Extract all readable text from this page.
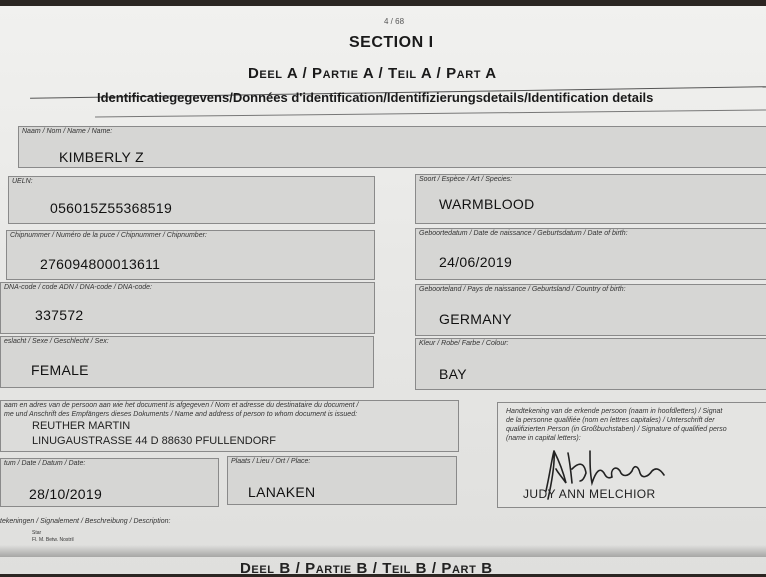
4 / 68
SECTION I
Deel A / Partie A / Teil A / Part A
Identificatiegegevens/Données d'identification/Identifizierungsdetails/Identification details
Naam / Nom / Name / Name:
KIMBERLY Z
UELN:
056015Z55368519
Soort / Espèce / Art / Species:
WARMBLOOD
Chipnummer / Numéro de la puce / Chipnummer / Chipnumber:
276094800013611
Geboortedatum / Date de naissance / Geburtsdatum / Date of birth:
24/06/2019
DNA-code / code ADN / DNA-code / DNA-code:
337572
Geboorteland / Pays de naissance / Geburtsland / Country of birth:
GERMANY
eslacht / Sexe / Geschlecht / Sex:
FEMALE
Kleur / Robe/ Farbe / Colour:
BAY
aam en adres van de persoon aan wie het document is afgegeven / Nom et adresse du destinataire du document /
me und Anschrift des Empfängers dieses Dokuments / Name and address of person to whom document is issued:
REUTHER MARTIN
LINUGAUSTRASSE 44 D 88630 PFULLENDORF
Handtekening van de erkende persoon (naam in hoofdletters) / Signat
de la personne qualifiée (nom en lettres capitales) / Unterschrift der
qualifizierten Person (in Großbuchstaben) / Signature of qualified perso
(name in capital letters):
JUDY ANN MELCHIOR
tum / Date / Datum / Date:
28/10/2019
Plaats / Lieu / Ort / Place:
LANAKEN
tekeningen / Signalement / Beschreibung / Description:
Star
Fl. M. Betw. Nostril
Deel B / Partie B / Teil B / Part B
